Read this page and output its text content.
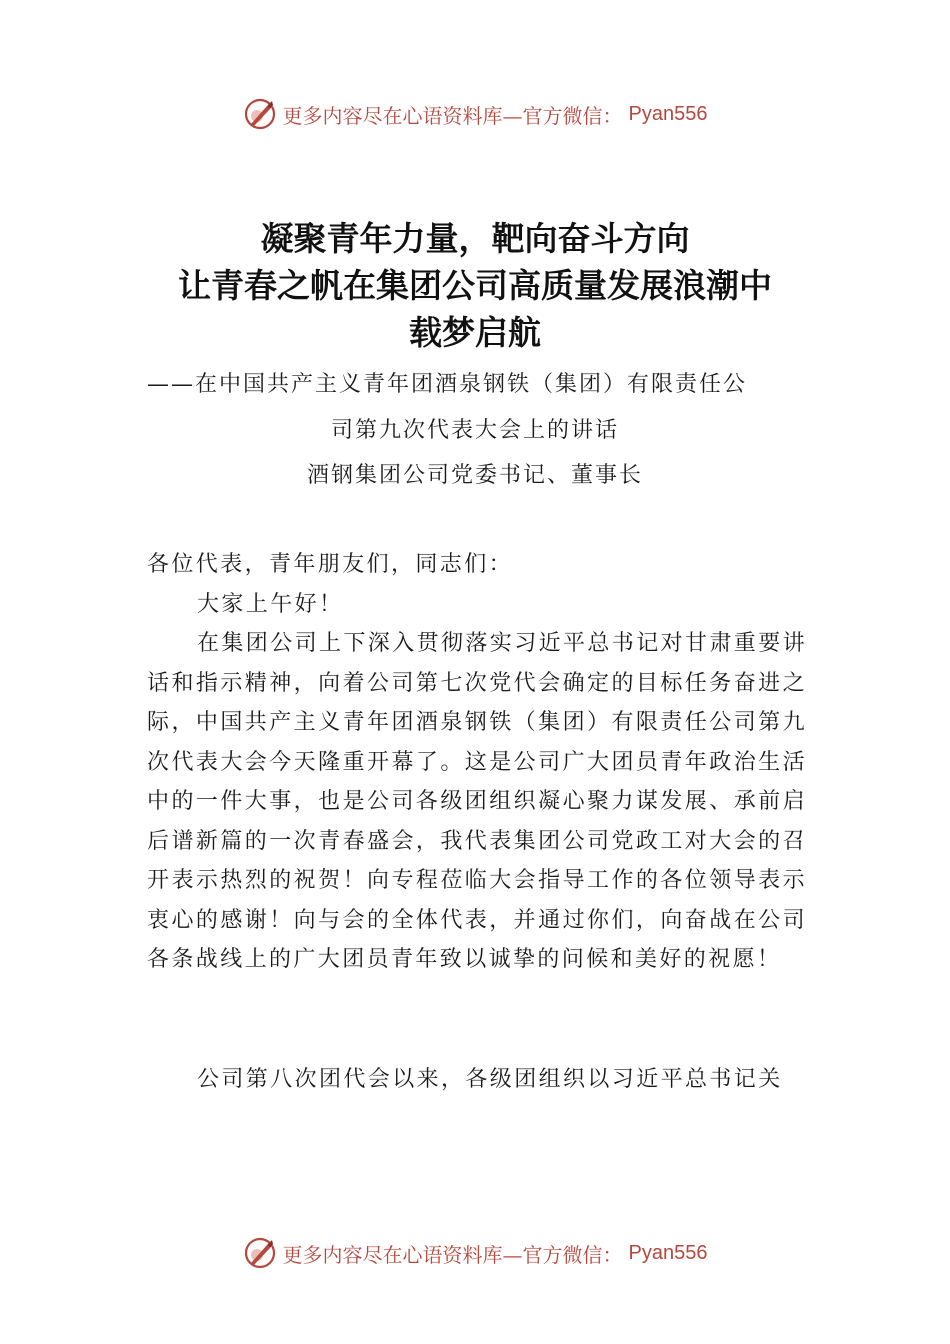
更多内容尽在心语资料库—官方微信： Pyan556
凝聚青年力量，靶向奋斗方向
让青春之帆在集团公司高质量发展浪潮中
载梦启航
——在中国共产主义青年团酒泉钢铁（集团）有限责任公
司第九次代表大会上的讲话
酒钢集团公司党委书记、董事长
各位代表，青年朋友们，同志们：
大家上午好！
在集团公司上下深入贯彻落实习近平总书记对甘肃重要讲话和指示精神，向着公司第七次党代会确定的目标任务奋进之际，中国共产主义青年团酒泉钢铁（集团）有限责任公司第九次代表大会今天隆重开幕了。这是公司广大团员青年政治生活中的一件大事，也是公司各级团组织凝心聚力谋发展、承前启后谱新篇的一次青春盛会，我代表集团公司党政工对大会的召开表示热烈的祝贺！向专程莅临大会指导工作的各位领导表示衷心的感谢！向与会的全体代表，并通过你们，向奋战在公司各条战线上的广大团员青年致以诚挚的问候和美好的祝愿！
公司第八次团代会以来，各级团组织以习近平总书记关
更多内容尽在心语资料库—官方微信： Pyan556
